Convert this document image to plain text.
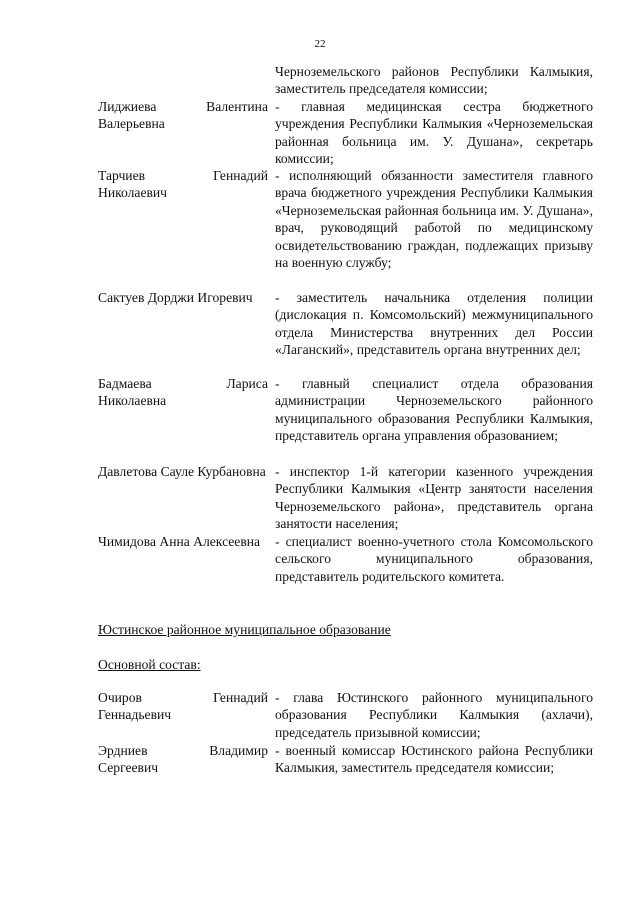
22
Черноземельского районов Республики Калмыкия, заместитель председателя комиссии;
Лиджиева Валентина Валерьевна
- главная медицинская сестра бюджетного учреждения Республики Калмыкия «Черноземельская районная больница им. У. Душана», секретарь комиссии;
Тарчиев Геннадий Николаевич
- исполняющий обязанности заместителя главного врача бюджетного учреждения Республики Калмыкия «Черноземельская районная больница им. У. Душана», врач, руководящий работой по медицинскому освидетельствованию граждан, подлежащих призыву на военную службу;
Сактуев Дорджи Игоревич	- заместитель начальника отделения полиции (дислокация п. Комсомольский) межмуниципального отдела Министерства внутренних дел России «Лаганский», представитель органа внутренних дел;
Бадмаева Лариса Николаевна
- главный специалист отдела образования администрации Черноземельского районного муниципального образования Республики Калмыкия, представитель органа управления образованием;
Давлетова Сауле Курбановна - инспектор 1-й категории казенного учреждения Республики Калмыкия «Центр занятости населения Черноземельского района», представитель органа занятости населения;
Чимидова Анна Алексеевна	- специалист военно-учетного стола Комсомольского сельского муниципального образования, представитель родительского комитета.
Юстинское районное муниципальное образование
Основной состав:
Очиров Геннадий Геннадьевич
- глава Юстинского районного муниципального образования Республики Калмыкия (ахлачи), председатель призывной комиссии;
Эрдниев Владимир Сергеевич
- военный комиссар Юстинского района Республики Калмыкия, заместитель председателя комиссии;
